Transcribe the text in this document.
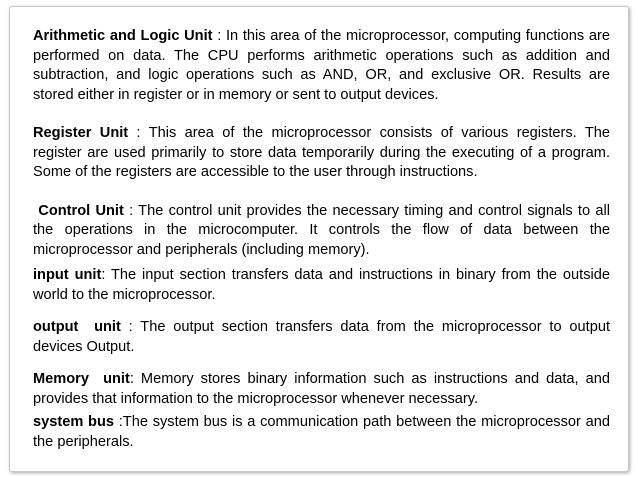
Arithmetic and Logic Unit : In this area of the microprocessor, computing functions are performed on data. The CPU performs arithmetic operations such as addition and subtraction, and logic operations such as AND, OR, and exclusive OR. Results are stored either in register or in memory or sent to output devices.

Register Unit : This area of the microprocessor consists of various registers. The register are used primarily to store data temporarily during the executing of a program. Some of the registers are accessible to the user through instructions.

Control Unit : The control unit provides the necessary timing and control signals to all the operations in the microcomputer. It controls the flow of data between the microprocessor and peripherals (including memory).

input unit: The input section transfers data and instructions in binary from the outside world to the microprocessor.

output  unit : The output section transfers data from the microprocessor to output devices Output.

Memory  unit: Memory stores binary information such as instructions and data, and provides that information to the microprocessor whenever necessary.

system bus :The system bus is a communication path between the microprocessor and the peripherals.
